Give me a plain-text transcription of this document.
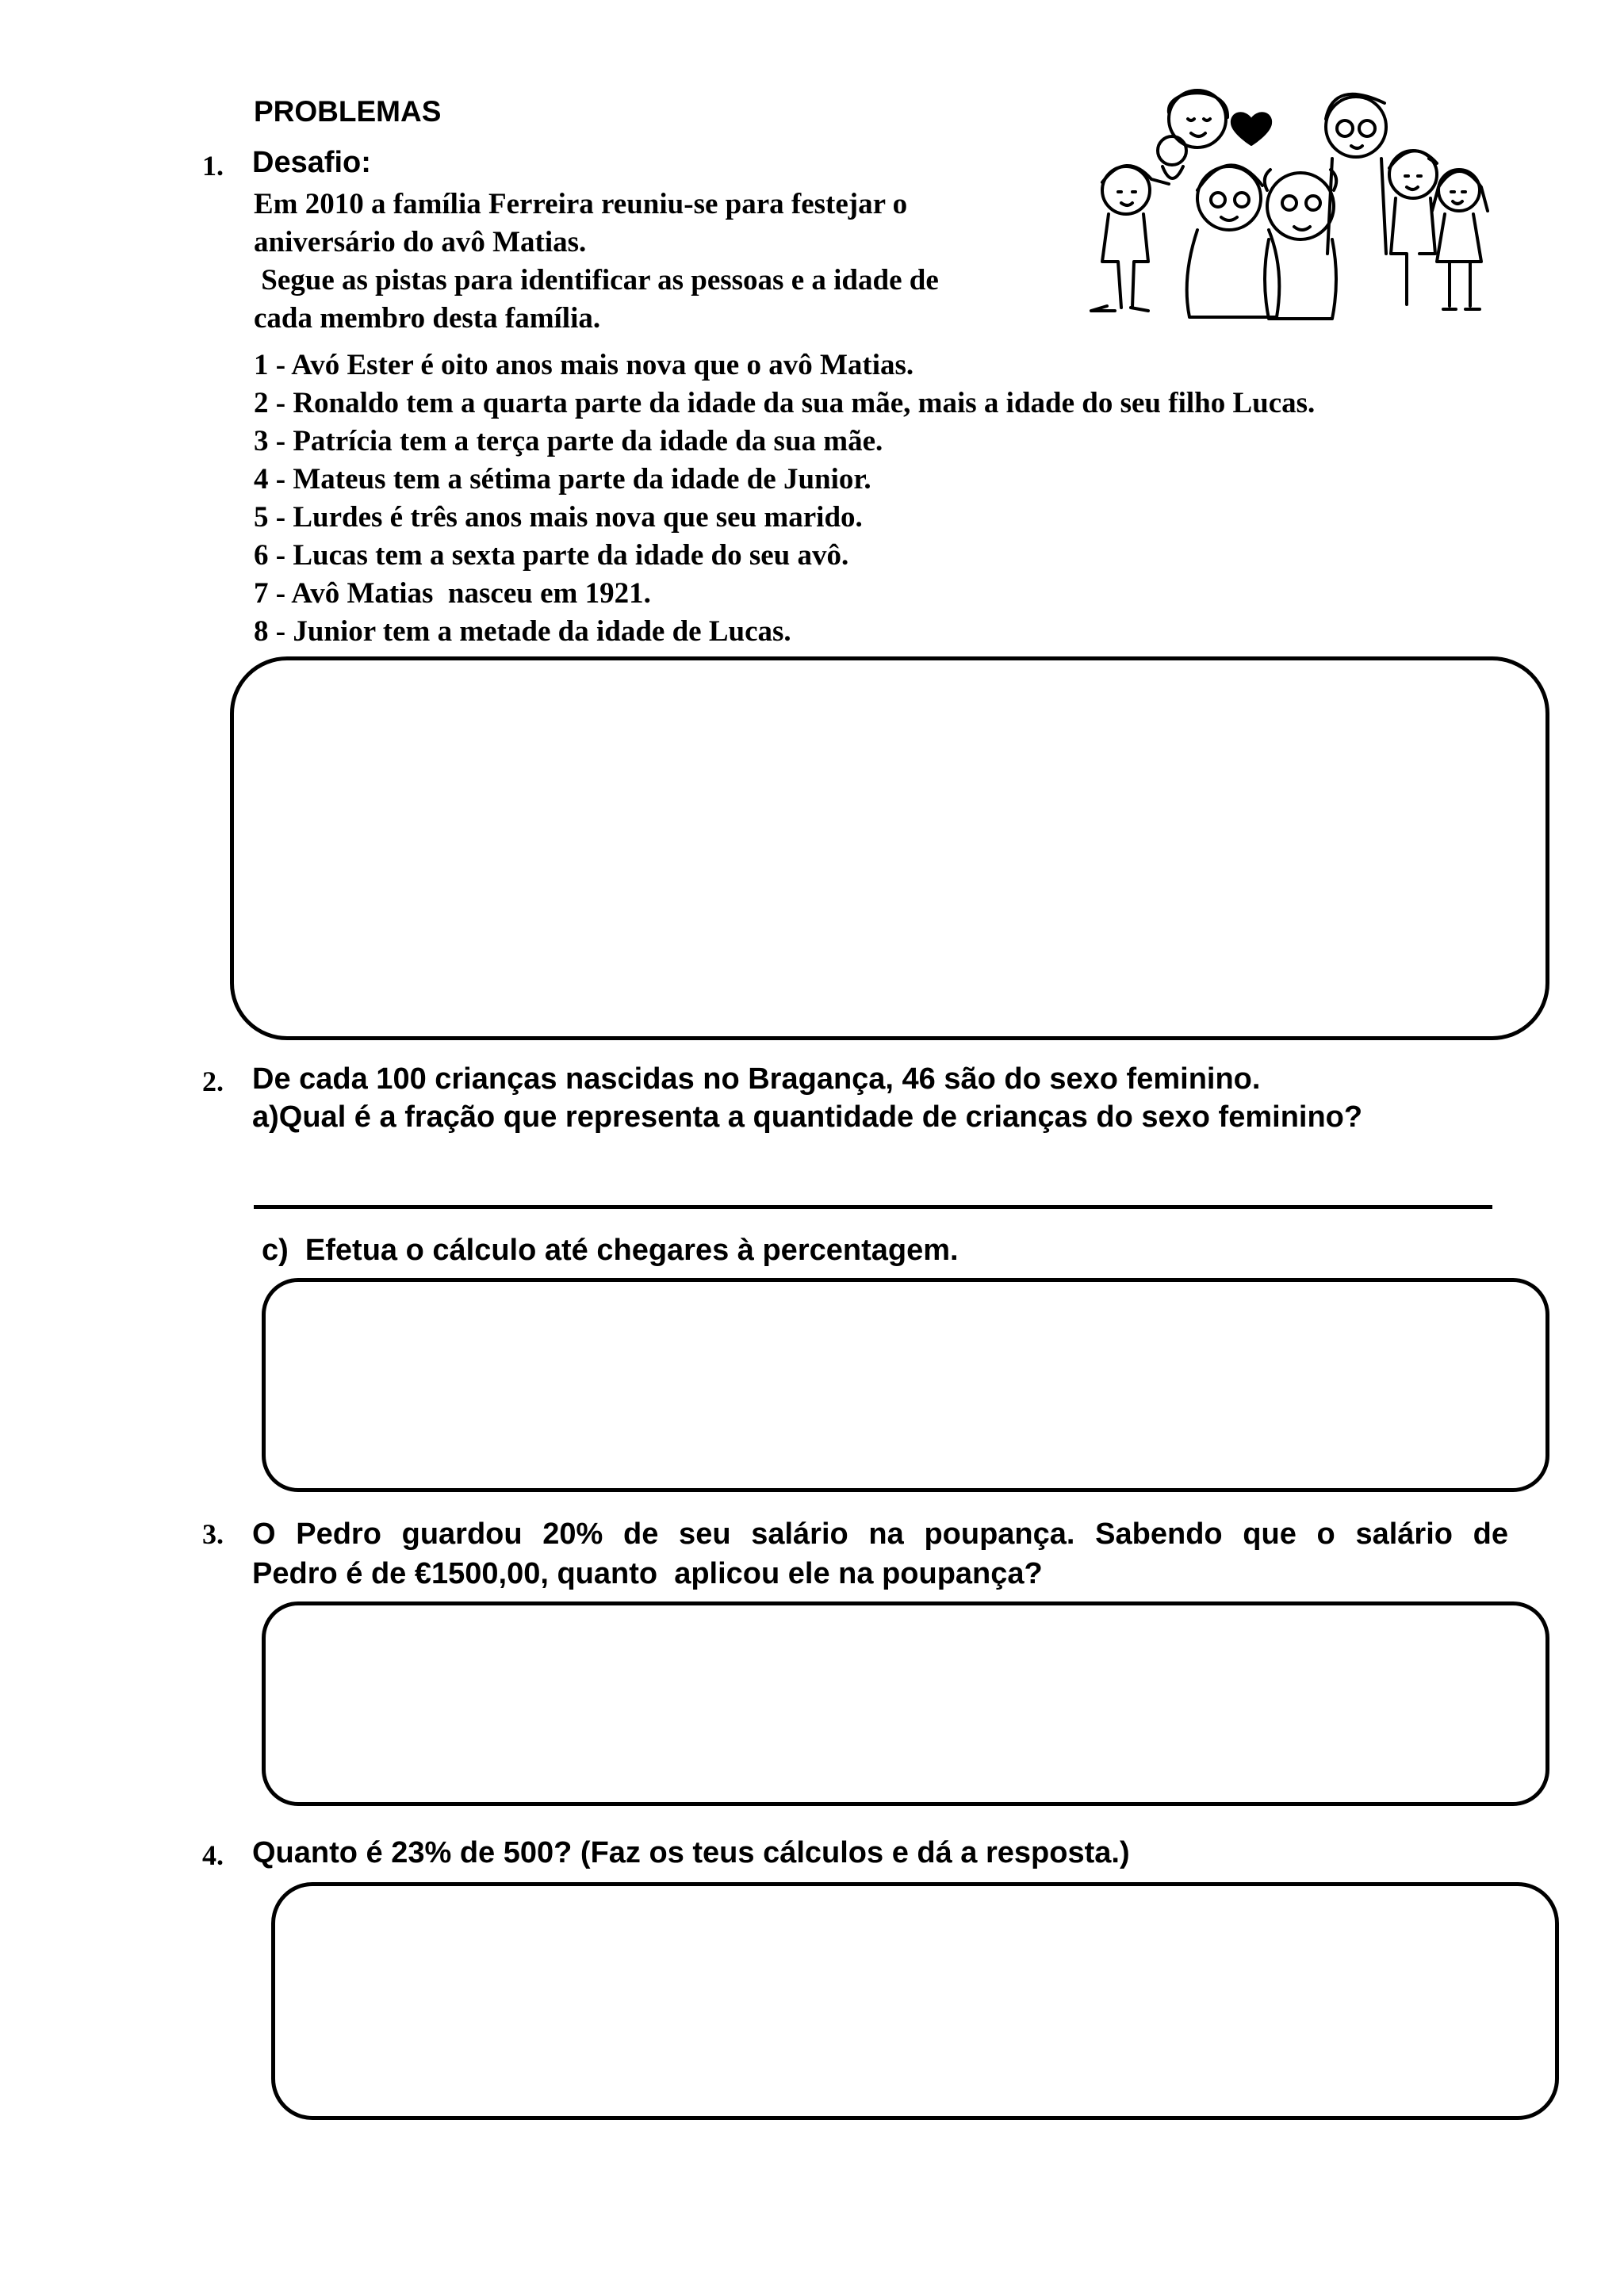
PROBLEMAS
1. Desafio:
Em 2010 a família Ferreira reuniu-se para festejar o
aniversário do avô Matias.
Segue as pistas para identificar as pessoas e a idade de
cada membro desta família.
1 - Avó Ester é oito anos mais nova que o avô Matias.
2 - Ronaldo tem a quarta parte da idade da sua mãe, mais a idade do seu filho Lucas.
3 - Patrícia tem a terça parte da idade da sua mãe.
4 - Mateus tem a sétima parte da idade de Junior.
5 - Lurdes é três anos mais nova que seu marido.
6 - Lucas tem a sexta parte da idade do seu avô.
7 - Avô Matias  nasceu em 1921.
8 - Junior tem a metade da idade de Lucas.
2. De cada 100 crianças nascidas no Bragança, 46 são do sexo feminino.
a)Qual é a fração que representa a quantidade de crianças do sexo feminino?
c)  Efetua o cálculo até chegares à percentagem.
3. O Pedro guardou 20% de seu salário na poupança. Sabendo que o salário de
Pedro é de €1500,00, quanto  aplicou ele na poupança?
4. Quanto é 23% de 500? (Faz os teus cálculos e dá a resposta.)
